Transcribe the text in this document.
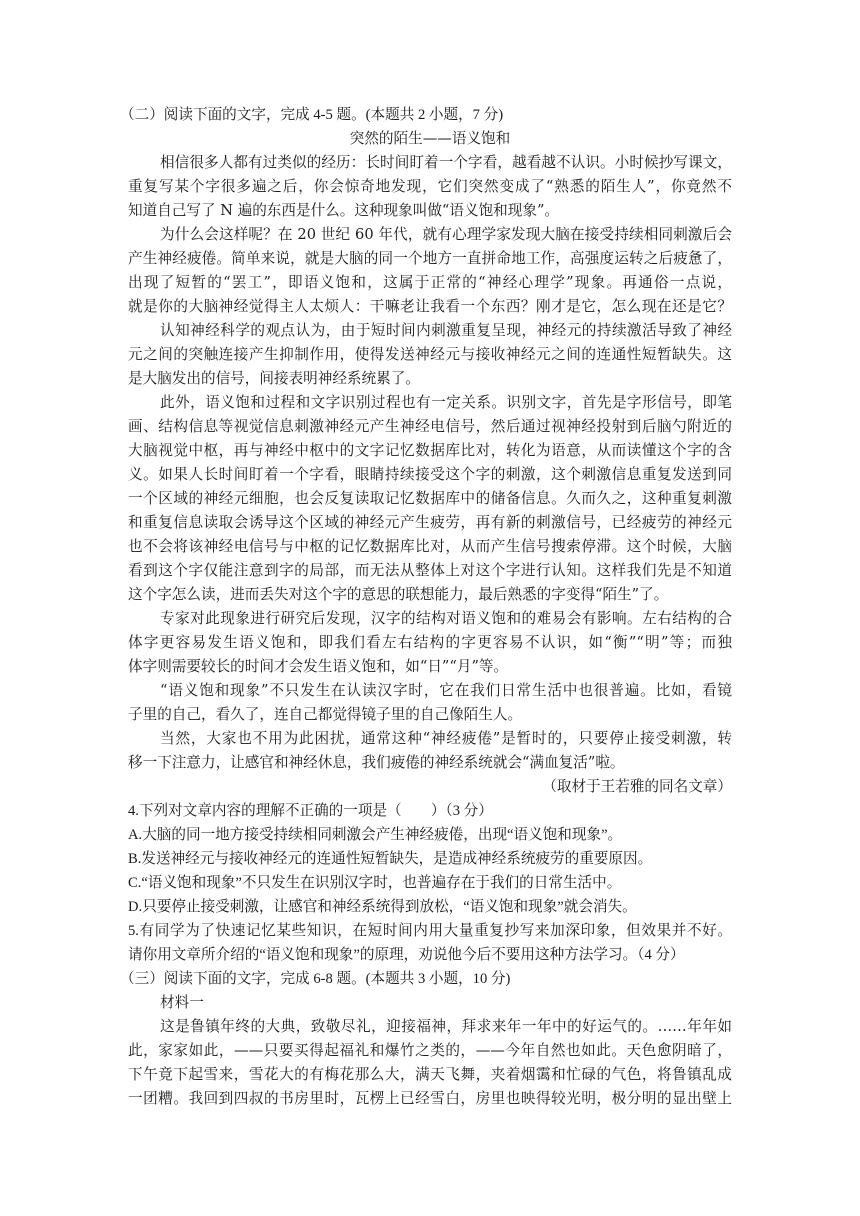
（二）阅读下面的文字，完成 4-5 题。(本题共 2 小题，7 分)
突然的陌生——语义饱和
相信很多人都有过类似的经历：长时间盯着一个字看，越看越不认识。小时候抄写课文，
重复写某个字很多遍之后，你会惊奇地发现，它们突然变成了“熟悉的陌生人”，你竟然不
知道自己写了 N 遍的东西是什么。这种现象叫做“语义饱和现象”。
为什么会这样呢？在 20 世纪 60 年代，就有心理学家发现大脑在接受持续相同刺激后会
产生神经疲倦。简单来说，就是大脑的同一个地方一直拼命地工作，高强度运转之后疲惫了，
出现了短暂的“罢工”，即语义饱和，这属于正常的“神经心理学”现象。再通俗一点说，
就是你的大脑神经觉得主人太烦人：干嘛老让我看一个东西？刚才是它，怎么现在还是它？
认知神经科学的观点认为，由于短时间内刺激重复呈现，神经元的持续激活导致了神经
元之间的突触连接产生抑制作用，使得发送神经元与接收神经元之间的连通性短暂缺失。这
是大脑发出的信号，间接表明神经系统累了。
此外，语义饱和过程和文字识别过程也有一定关系。识别文字，首先是字形信号，即笔
画、结构信息等视觉信息刺激神经元产生神经电信号，然后通过视神经投射到后脑勺附近的
大脑视觉中枢，再与神经中枢中的文字记忆数据库比对，转化为语意，从而读懂这个字的含
义。如果人长时间盯着一个字看，眼睛持续接受这个字的刺激，这个刺激信息重复发送到同
一个区域的神经元细胞，也会反复读取记忆数据库中的储备信息。久而久之，这种重复刺激
和重复信息读取会诱导这个区域的神经元产生疲劳，再有新的刺激信号，已经疲劳的神经元
也不会将该神经电信号与中枢的记忆数据库比对，从而产生信号搜索停滞。这个时候，大脑
看到这个字仅能注意到字的局部，而无法从整体上对这个字进行认知。这样我们先是不知道
这个字怎么读，进而丢失对这个字的意思的联想能力，最后熟悉的字变得“陌生”了。
专家对此现象进行研究后发现，汉字的结构对语义饱和的难易会有影响。左右结构的合
体字更容易发生语义饱和，即我们看左右结构的字更容易不认识，如“衡”“明”等；而独
体字则需要较长的时间才会发生语义饱和，如“日”“月”等。
“语义饱和现象”不只发生在认读汉字时，它在我们日常生活中也很普遍。比如，看镜
子里的自己，看久了，连自己都觉得镜子里的自己像陌生人。
当然，大家也不用为此困扰，通常这种“神经疲倦”是暂时的，只要停止接受刺激，转
移一下注意力，让感官和神经休息，我们疲倦的神经系统就会“满血复活”啦。
（取材于王若雅的同名文章）
4.下列对文章内容的理解不正确的一项是（　　）（3 分）
A.大脑的同一地方接受持续相同刺激会产生神经疲倦，出现“语义饱和现象”。
B.发送神经元与接收神经元的连通性短暂缺失，是造成神经系统疲劳的重要原因。
C.“语义饱和现象”不只发生在识别汉字时，也普遍存在于我们的日常生活中。
D.只要停止接受刺激，让感官和神经系统得到放松，“语义饱和现象”就会消失。
5.有同学为了快速记忆某些知识，在短时间内用大量重复抄写来加深印象，但效果并不好。
请你用文章所介绍的“语义饱和现象”的原理，劝说他今后不要用这种方法学习。（4 分）
（三）阅读下面的文字，完成 6-8 题。(本题共 3 小题，10 分)
材料一
这是鲁镇年终的大典，致敬尽礼，迎接福神，拜求来年一年中的好运气的。……年年如
此，家家如此，——只要买得起福礼和爆竹之类的，——今年自然也如此。天色愈阴暗了，
下午竟下起雪来，雪花大的有梅花那么大，满天飞舞，夹着烟霭和忙碌的气色，将鲁镇乱成
一团糟。我回到四叔的书房里时，瓦楞上已经雪白，房里也映得较光明，极分明的显出壁上
